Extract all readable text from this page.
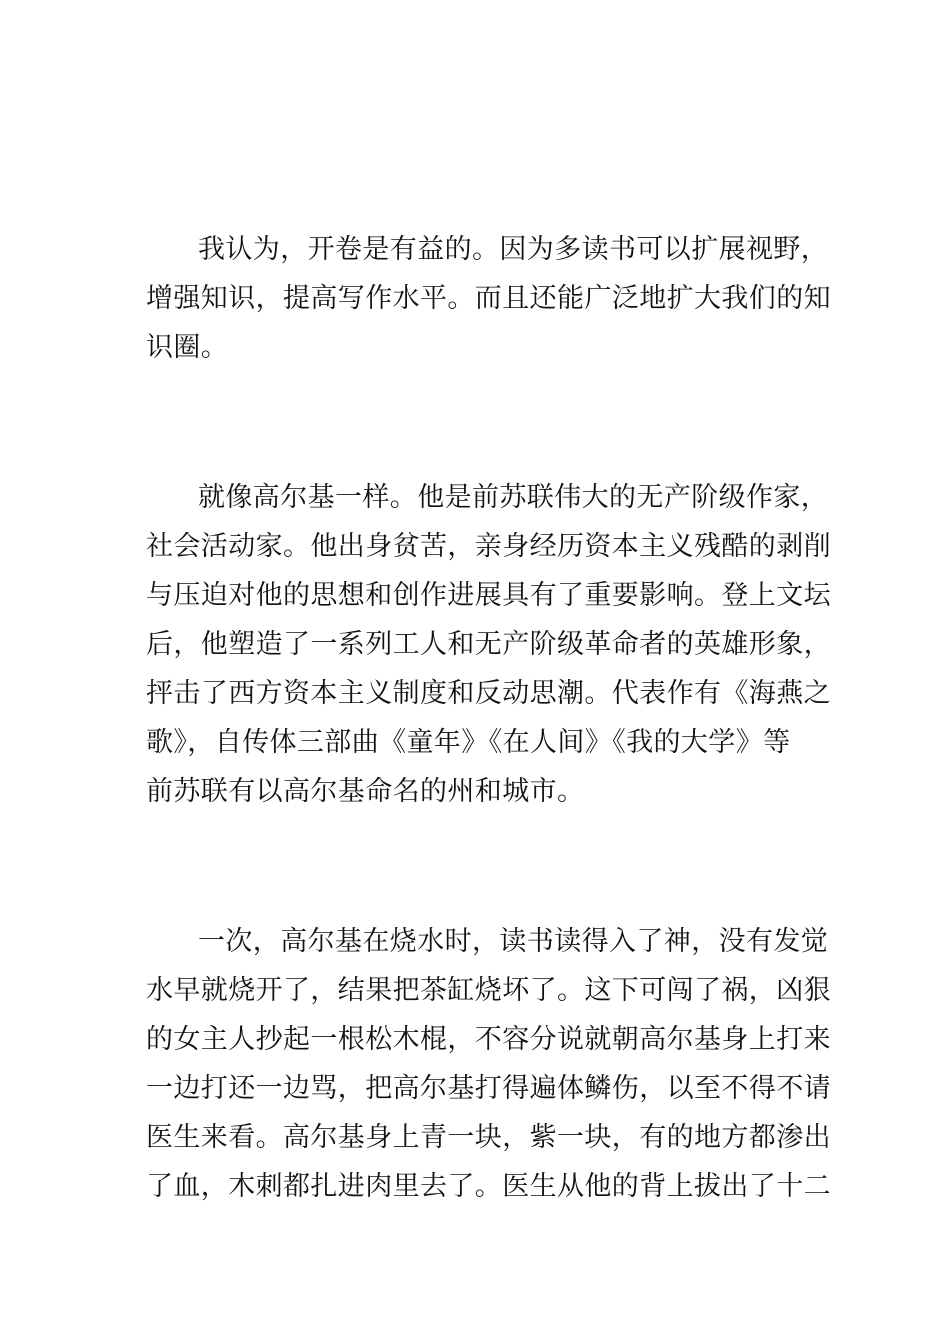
我认为，开卷是有益的。因为多读书可以扩展视野，
增强知识，提高写作水平。而且还能广泛地扩大我们的知
识圈。
就像高尔基一样。他是前苏联伟大的无产阶级作家，
社会活动家。他出身贫苦，亲身经历资本主义残酷的剥削
与压迫对他的思想和创作进展具有了重要影响。登上文坛
后，他塑造了一系列工人和无产阶级革命者的英雄形象，
抨击了西方资本主义制度和反动思潮。代表作有《海燕之
歌》，自传体三部曲《童年》《在人间》《我的大学》等
前苏联有以高尔基命名的州和城市。
一次，高尔基在烧水时，读书读得入了神，没有发觉
水早就烧开了，结果把茶缸烧坏了。这下可闯了祸，凶狠
的女主人抄起一根松木棍，不容分说就朝高尔基身上打来
一边打还一边骂，把高尔基打得遍体鳞伤，以至不得不请
医生来看。高尔基身上青一块，紫一块，有的地方都渗出
了血，木刺都扎进肉里去了。医生从他的背上拔出了十二
